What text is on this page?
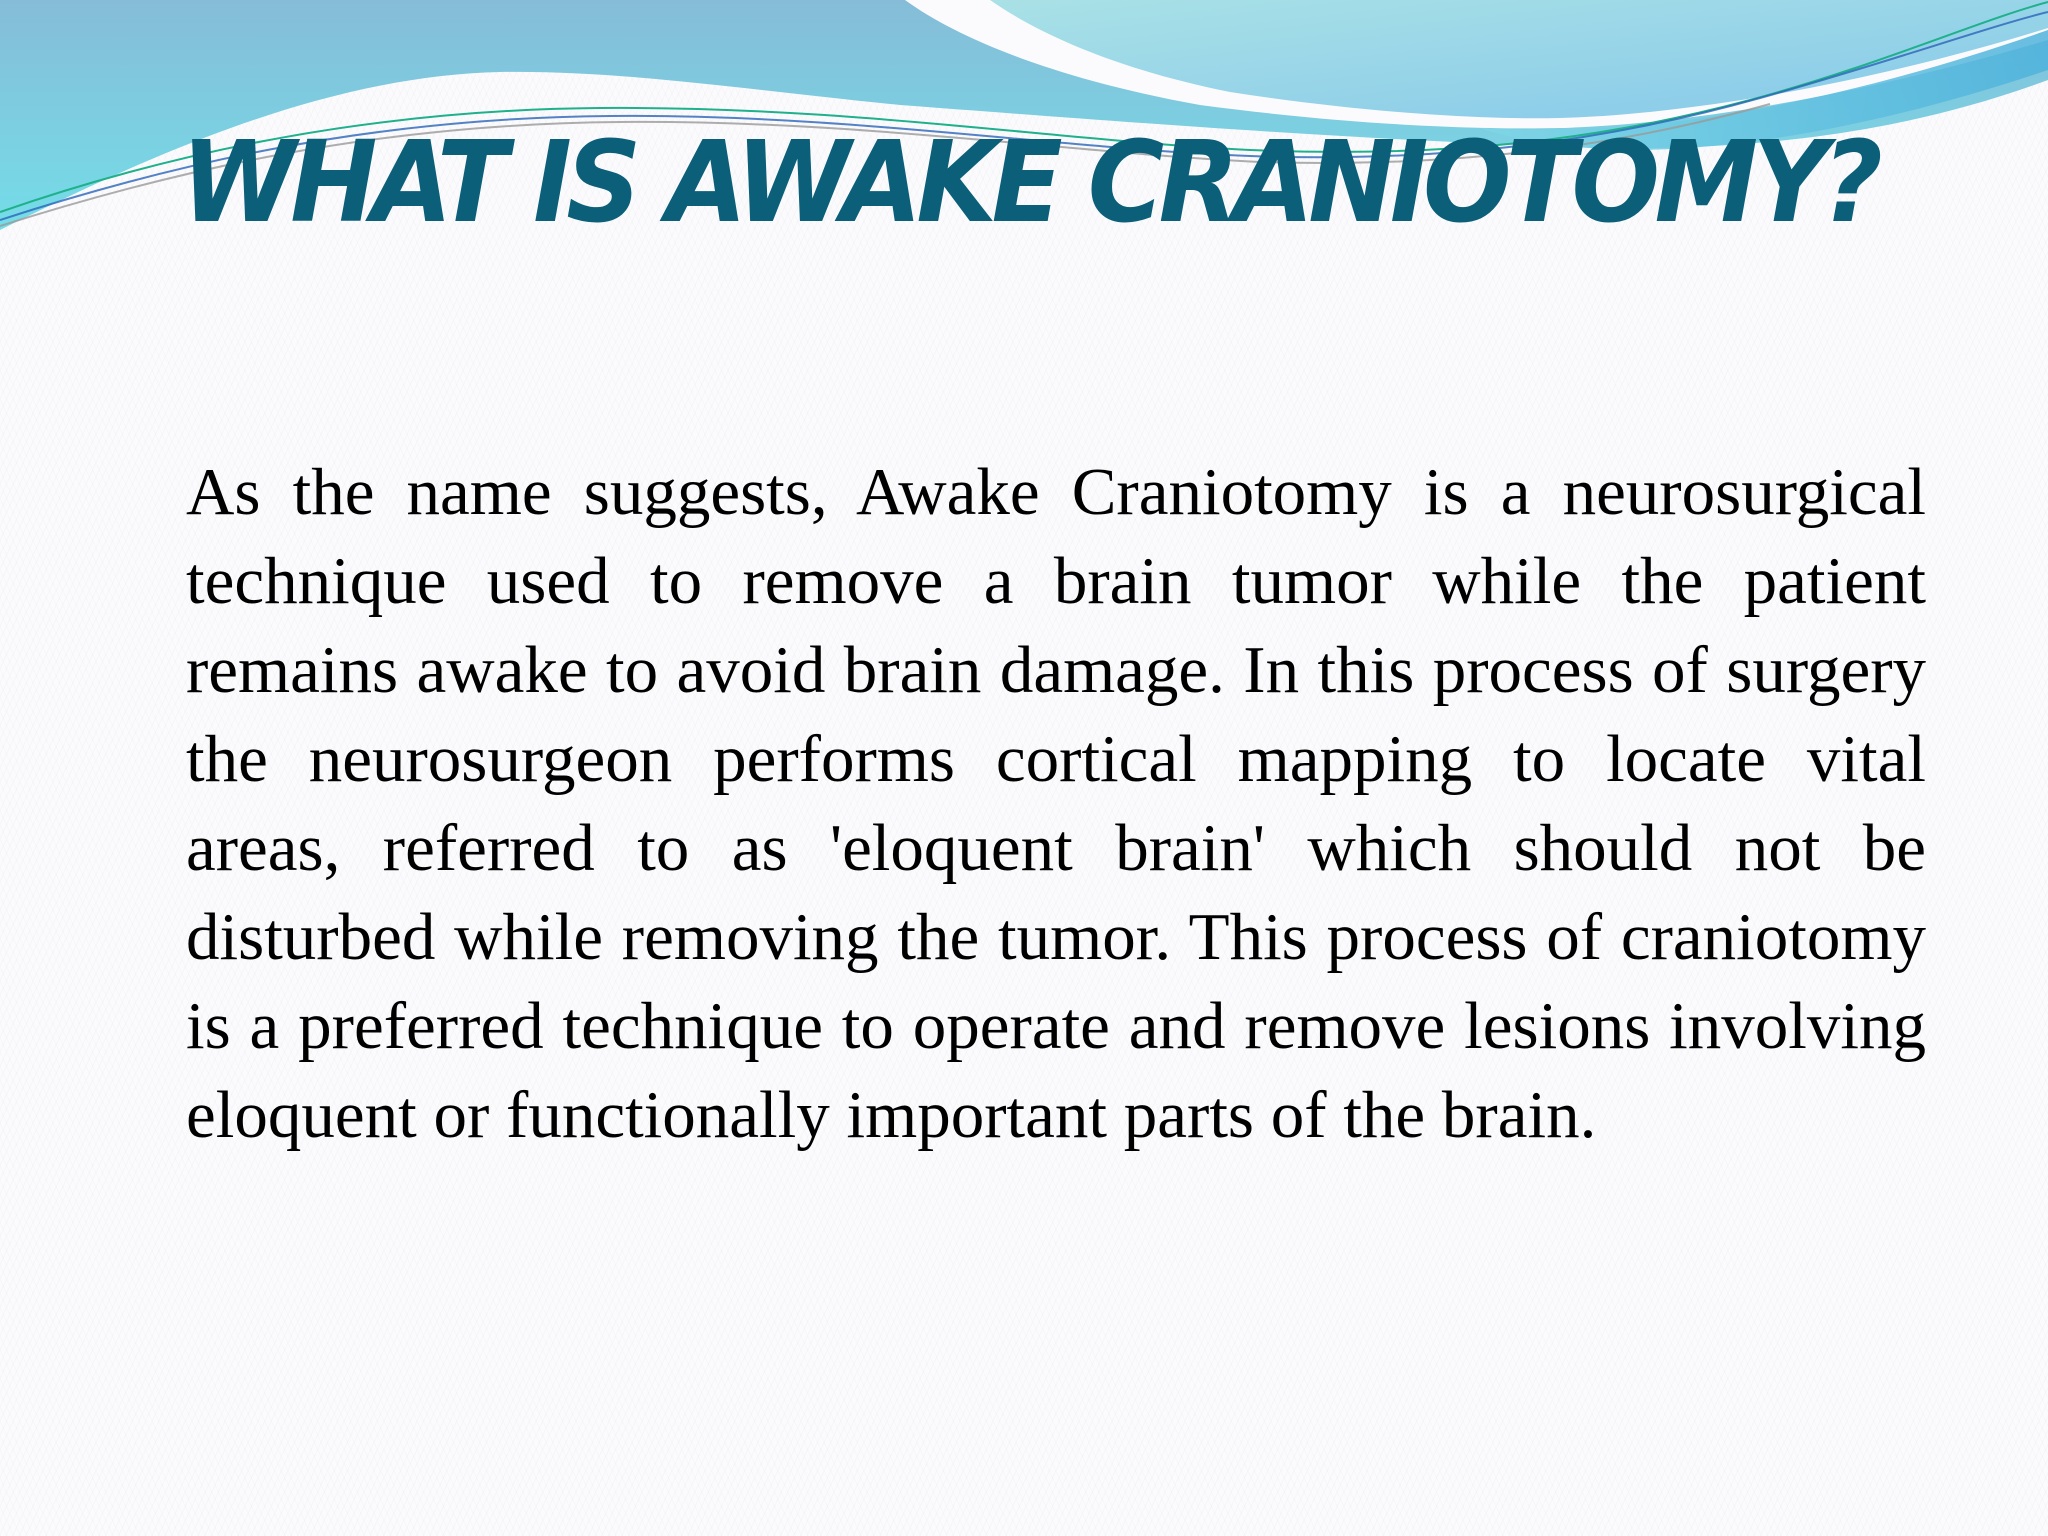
WHAT IS AWAKE CRANIOTOMY?

As the name suggests, Awake Craniotomy is a neurosurgical technique used to remove a brain tumor while the patient remains awake to avoid brain damage. In this process of surgery the neurosurgeon performs cortical mapping to locate vital areas, referred to as 'eloquent brain' which should not be disturbed while removing the tumor. This process of craniotomy is a preferred technique to operate and remove lesions involving eloquent or functionally important parts of the brain.
